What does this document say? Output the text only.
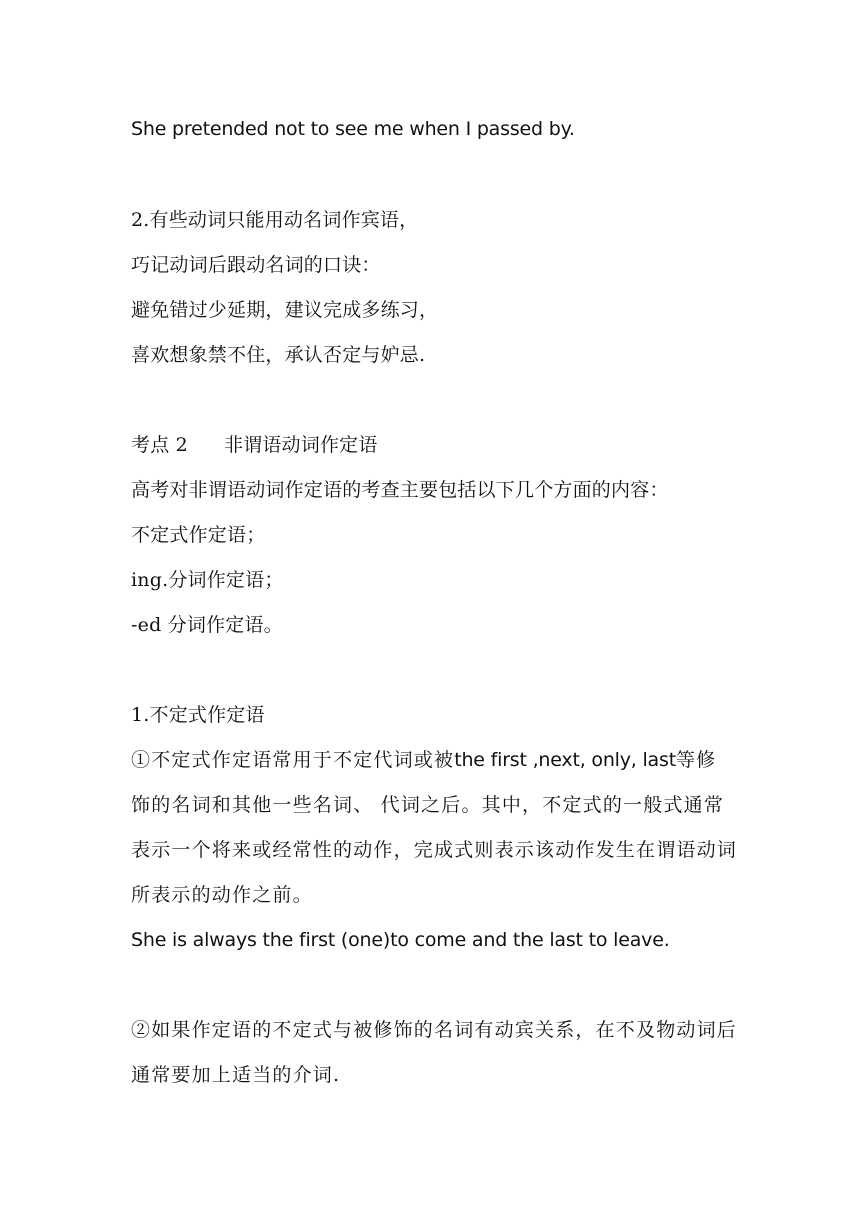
She pretended not to see me when I passed by.
2.有些动词只能用动名词作宾语，
巧记动词后跟动名词的口诀：
避免错过少延期，建议完成多练习，
喜欢想象禁不住，承认否定与妒忌.
考点 2 非谓语动词作定语
高考对非谓语动词作定语的考查主要包括以下几个方面的内容：
不定式作定语；
ing.分词作定语；
-ed 分词作定语。
1.不定式作定语
①不定式作定语常用于不定代词或被the first ,next, only, last等修
饰的名词和其他一些名词、 代词之后。其中，不定式的一般式通常
表示一个将来或经常性的动作，完成式则表示该动作发生在谓语动词
所表示的动作之前。
She is always the first (one)to come and the last to leave.
②如果作定语的不定式与被修饰的名词有动宾关系，在不及物动词后
通常要加上适当的介词.
